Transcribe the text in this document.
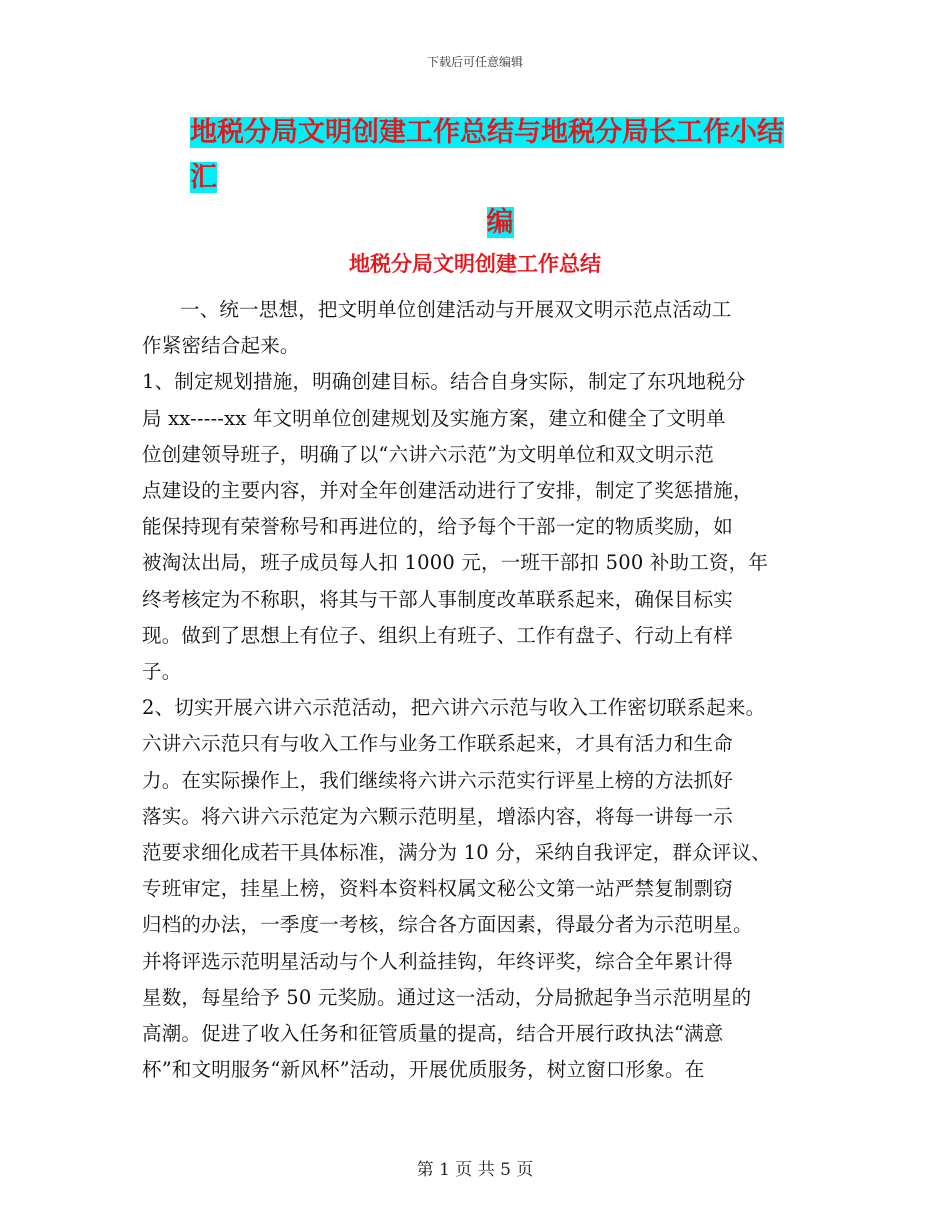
下载后可任意编辑
地税分局文明创建工作总结与地税分局长工作小结汇
编
地税分局文明创建工作总结
一、统一思想，把文明单位创建活动与开展双文明示范点活动工
作紧密结合起来。
1、制定规划措施，明确创建目标。结合自身实际，制定了东巩地税分
局 xx-----xx 年文明单位创建规划及实施方案，建立和健全了文明单
位创建领导班子，明确了以“六讲六示范”为文明单位和双文明示范
点建设的主要内容，并对全年创建活动进行了安排，制定了奖惩措施，
能保持现有荣誉称号和再进位的，给予每个干部一定的物质奖励，如
被淘汰出局，班子成员每人扣 1000 元，一班干部扣 500 补助工资，年
终考核定为不称职，将其与干部人事制度改革联系起来，确保目标实
现。做到了思想上有位子、组织上有班子、工作有盘子、行动上有样
子。
2、切实开展六讲六示范活动，把六讲六示范与收入工作密切联系起来。
六讲六示范只有与收入工作与业务工作联系起来，才具有活力和生命
力。在实际操作上，我们继续将六讲六示范实行评星上榜的方法抓好
落实。将六讲六示范定为六颗示范明星，增添内容，将每一讲每一示
范要求细化成若干具体标准，满分为 10 分，采纳自我评定，群众评议、
专班审定，挂星上榜，资料本资料权属文秘公文第一站严禁复制剽窃
归档的办法，一季度一考核，综合各方面因素，得最分者为示范明星。
并将评选示范明星活动与个人利益挂钩，年终评奖，综合全年累计得
星数，每星给予 50 元奖励。通过这一活动，分局掀起争当示范明星的
高潮。促进了收入任务和征管质量的提高，结合开展行政执法“满意
杯”和文明服务“新风杯”活动，开展优质服务，树立窗口形象。在
第 1 页 共 5 页
